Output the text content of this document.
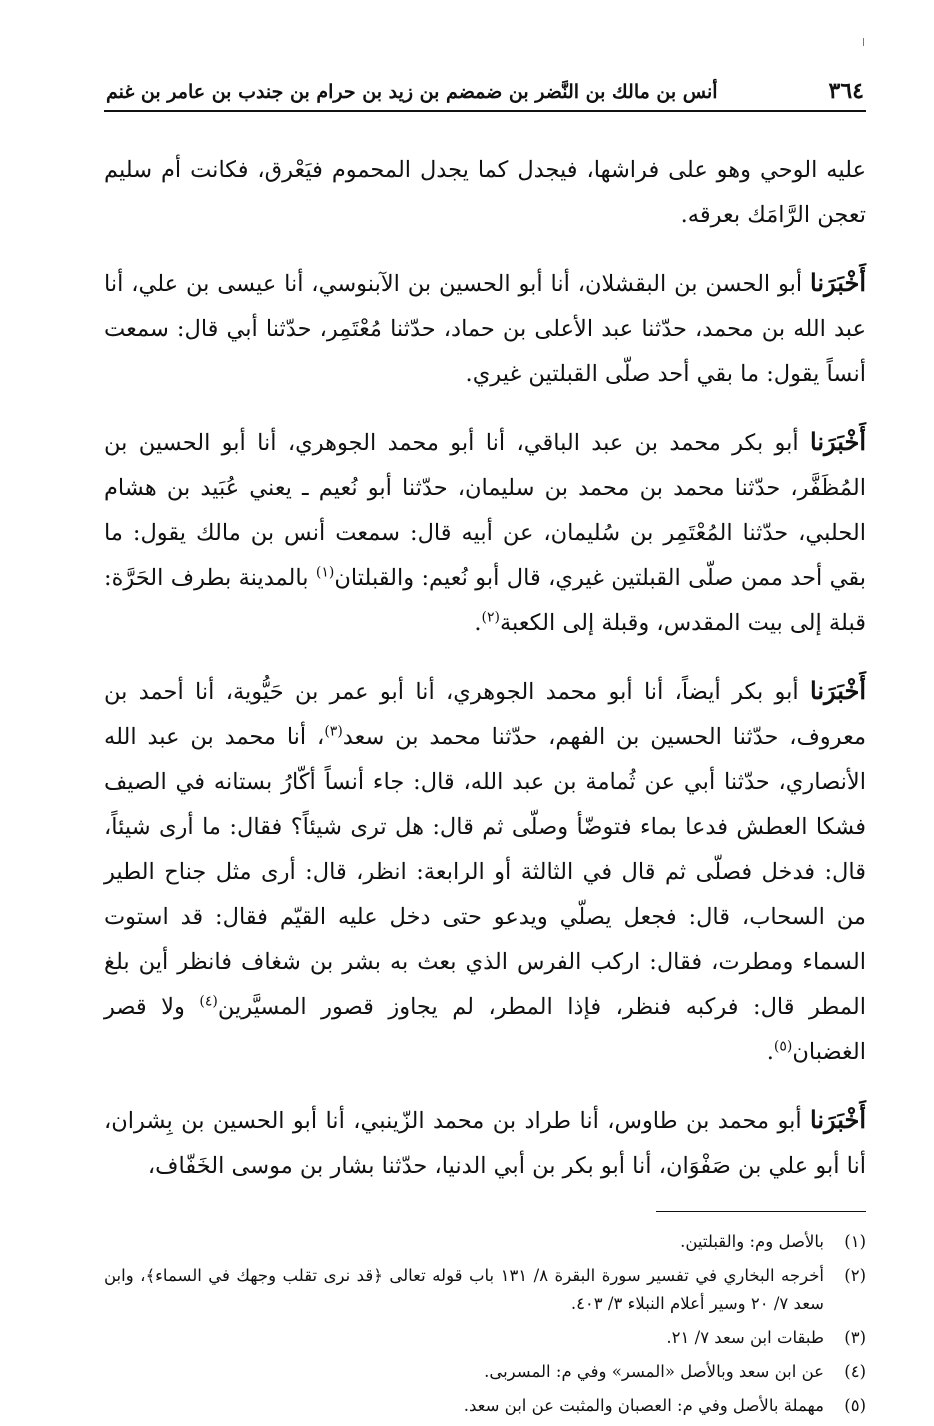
٣٦٤
أنس بن مالك بن النَّضر بن ضمضم بن زيد بن حرام بن جندب بن عامر بن غنم

عليه الوحي وهو على فراشها، فيجدل كما يجدل المحموم فيَعْرق، فكانت أم سليم تعجن الرَّامَك بعرقه.

أَخْبَرَنا أبو الحسن بن البقشلان، أنا أبو الحسين بن الآبنوسي، أنا عيسى بن علي، أنا عبد الله بن محمد، حدّثنا عبد الأعلى بن حماد، حدّثنا مُعْتَمِر، حدّثنا أبي قال: سمعت أنساً يقول: ما بقي أحد صلّى القبلتين غيري.

أَخْبَرَنا أبو بكر محمد بن عبد الباقي، أنا أبو محمد الجوهري، أنا أبو الحسين بن المُظَفَّر، حدّثنا محمد بن محمد بن سليمان، حدّثنا أبو نُعيم ـ يعني عُبَيد بن هشام الحلبي، حدّثنا المُعْتَمِر بن سُليمان، عن أبيه قال: سمعت أنس بن مالك يقول: ما بقي أحد ممن صلّى القبلتين غيري، قال أبو نُعيم: والقبلتان$^{(١)}$ بالمدينة بطرف الحَرَّة: قبلة إلى بيت المقدس، وقبلة إلى الكعبة$^{(٢)}$.

أَخْبَرَنا أبو بكر أيضاً، أنا أبو محمد الجوهري، أنا أبو عمر بن حَيُّوية، أنا أحمد بن معروف، حدّثنا الحسين بن الفهم، حدّثنا محمد بن سعد$^{(٣)}$، أنا محمد بن عبد الله الأنصاري، حدّثنا أبي عن ثُمامة بن عبد الله، قال: جاء أنساً أكّارُ بستانه في الصيف فشكا العطش فدعا بماء فتوضّأ وصلّى ثم قال: هل ترى شيئاً؟ فقال: ما أرى شيئاً، قال: فدخل فصلّى ثم قال في الثالثة أو الرابعة: انظر، قال: أرى مثل جناح الطير من السحاب، قال: فجعل يصلّي ويدعو حتى دخل عليه القيّم فقال: قد استوت السماء ومطرت، فقال: اركب الفرس الذي بعث به بشر بن شغاف فانظر أين بلغ المطر قال: فركبه فنظر، فإذا المطر، لم يجاوز قصور المسيَّرين$^{(٤)}$ ولا قصر الغضبان$^{(٥)}$.

أَخْبَرَنا أبو محمد بن طاوس، أنا طراد بن محمد الزّينبي، أنا أبو الحسين بن بِشران، أنا أبو علي بن صَفْوَان، أنا أبو بكر بن أبي الدنيا، حدّثنا بشار بن موسى الخَفّاف،

(١)
بالأصل وم: والقبلتين.
(٢)
أخرجه البخاري في تفسير سورة البقرة ٨/ ١٣١ باب قوله تعالى ﴿قد نرى تقلب وجهك في السماء﴾، وابن سعد ٧/ ٢٠ وسير أعلام النبلاء ٣/ ٤٠٣.
(٣)
طبقات ابن سعد ٧/ ٢١.
(٤)
عن ابن سعد وبالأصل «المسر» وفي م: المسربى.
(٥)
مهملة بالأصل وفي م: العصبان والمثبت عن ابن سعد.
